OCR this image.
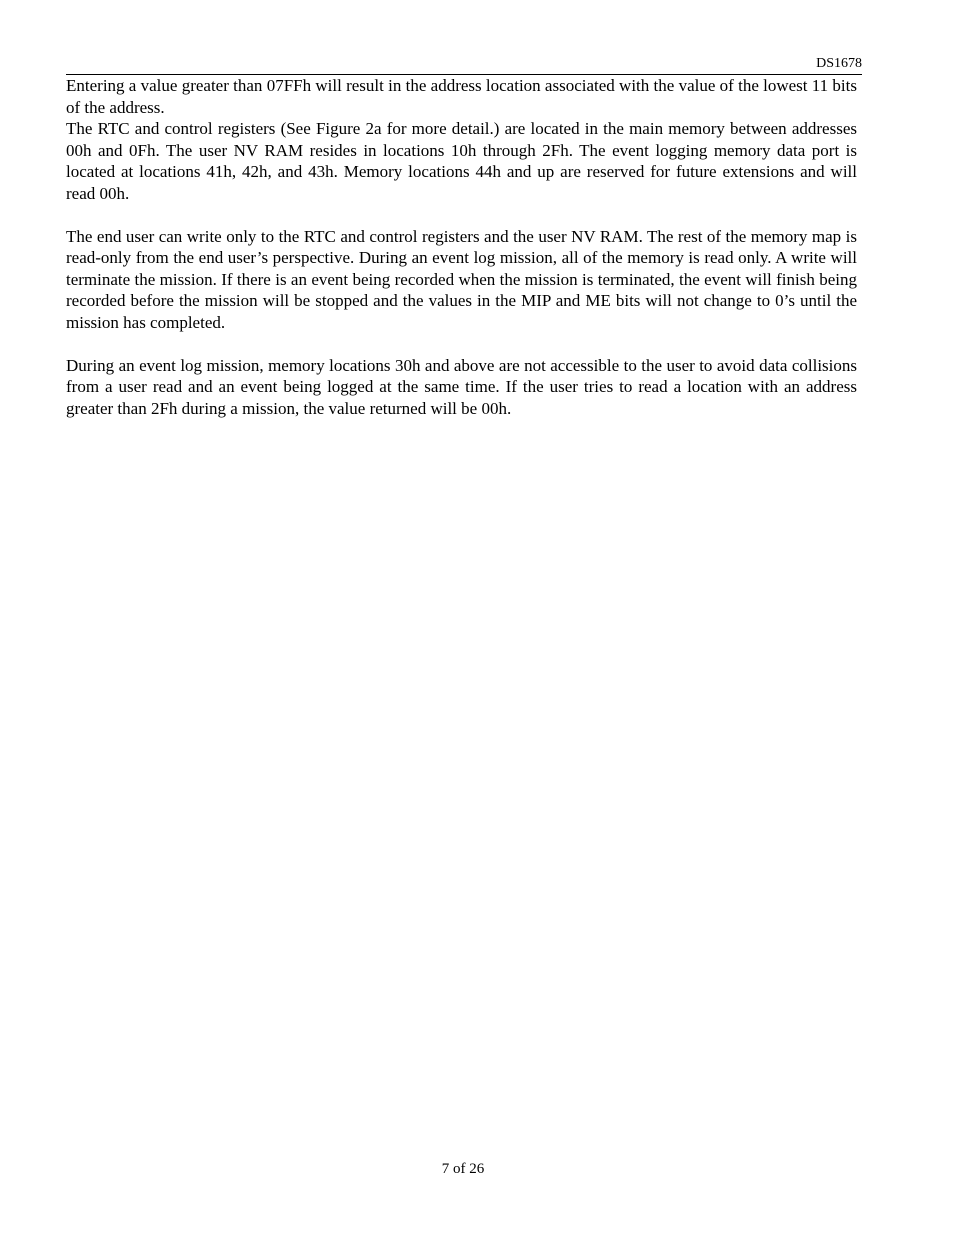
DS1678

Entering a value greater than 07FFh will result in the address location associated with the value of the lowest 11 bits of the address.

The RTC and control registers (See Figure 2a for more detail.) are located in the main memory between addresses 00h and 0Fh. The user NV RAM resides in locations 10h through 2Fh. The event logging memory data port is located at locations 41h, 42h, and 43h. Memory locations 44h and up are reserved for future extensions and will read 00h.

The end user can write only to the RTC and control registers and the user NV RAM. The rest of the memory map is read-only from the end user’s perspective. During an event log mission, all of the memory is read only. A write will terminate the mission. If there is an event being recorded when the mission is terminated, the event will finish being recorded before the mission will be stopped and the values in the MIP and ME bits will not change to 0’s until the mission has completed.

During an event log mission, memory locations 30h and above are not accessible to the user to avoid data collisions from a user read and an event being logged at the same time. If the user tries to read a location with an address greater than 2Fh during a mission, the value returned will be 00h.

7 of 26
